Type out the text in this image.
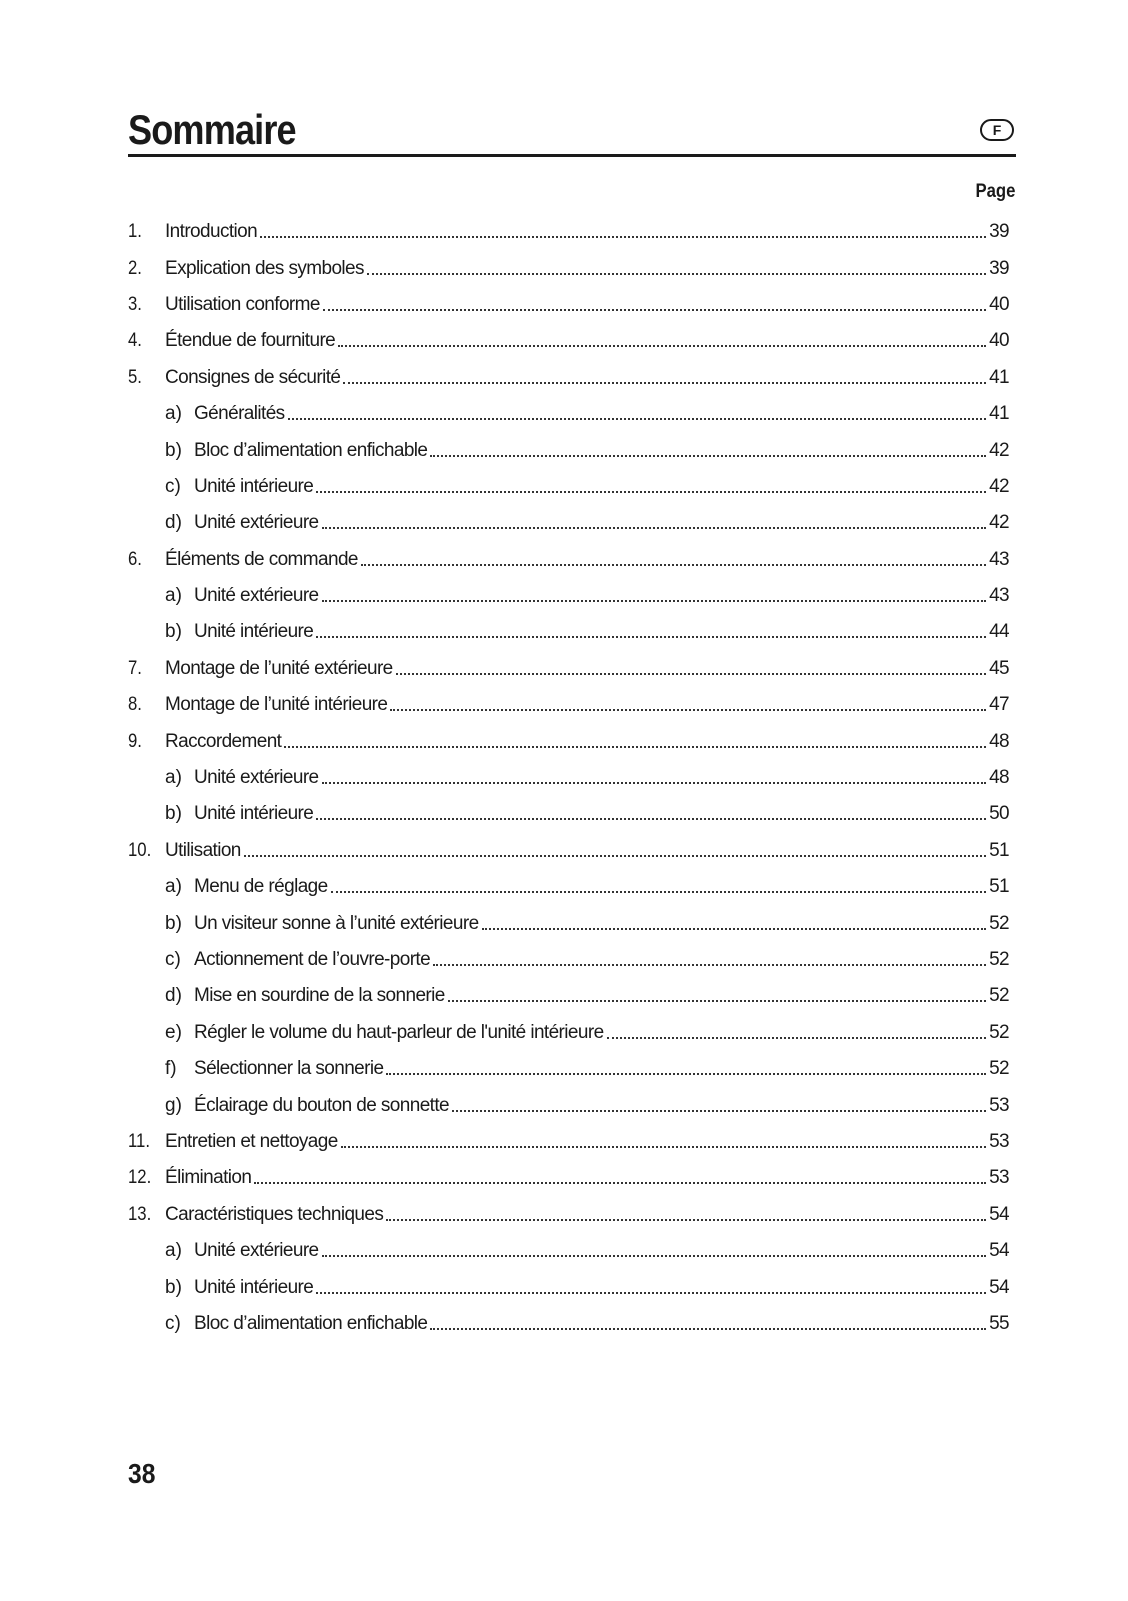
Sommaire	F
Page
1. Introduction	39
2. Explication des symboles	39
3. Utilisation conforme	40
4. Étendue de fourniture	40
5. Consignes de sécurité	41
a) Généralités	41
b) Bloc d’alimentation enfichable	42
c) Unité intérieure	42
d) Unité extérieure	42
6. Éléments de commande	43
a) Unité extérieure	43
b) Unité intérieure	44
7. Montage de l’unité extérieure	45
8. Montage de l’unité intérieure	47
9. Raccordement	48
a) Unité extérieure	48
b) Unité intérieure	50
10. Utilisation	51
a) Menu de réglage	51
b) Un visiteur sonne à l’unité extérieure	52
c) Actionnement de l’ouvre-porte	52
d) Mise en sourdine de la sonnerie	52
e) Régler le volume du haut-parleur de l'unité intérieure	52
f) Sélectionner la sonnerie	52
g) Éclairage du bouton de sonnette	53
11. Entretien et nettoyage	53
12. Élimination	53
13. Caractéristiques techniques	54
a) Unité extérieure	54
b) Unité intérieure	54
c) Bloc d’alimentation enfichable	55
38
